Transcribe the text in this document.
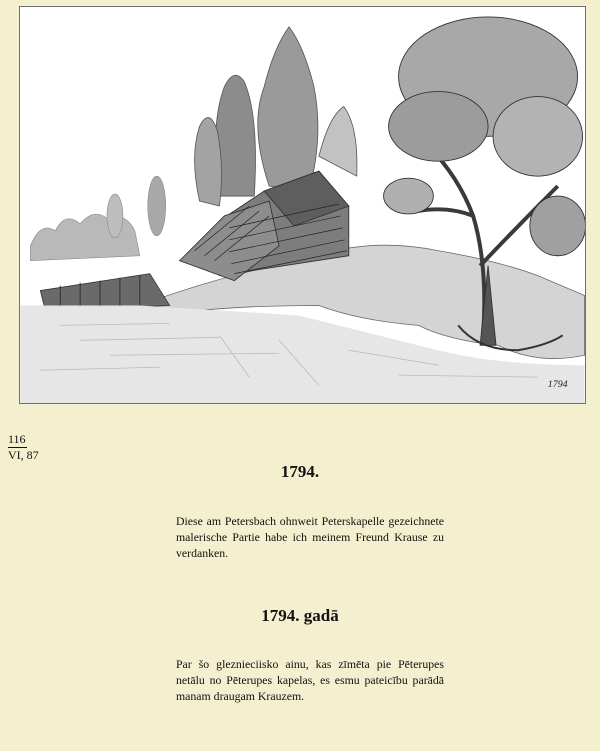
1794
116
VI, 87
1794.
Diese am Petersbach ohnweit Peterskapelle gezeichnete malerische Partie habe ich meinem Freund Krause zu verdanken.
1794. gadā
Par šo gleznieciisko ainu, kas zīmēta pie Pēterupes netālu no Pēterupes kapelas, es esmu pateicību parādā manam draugam Krauzem.
